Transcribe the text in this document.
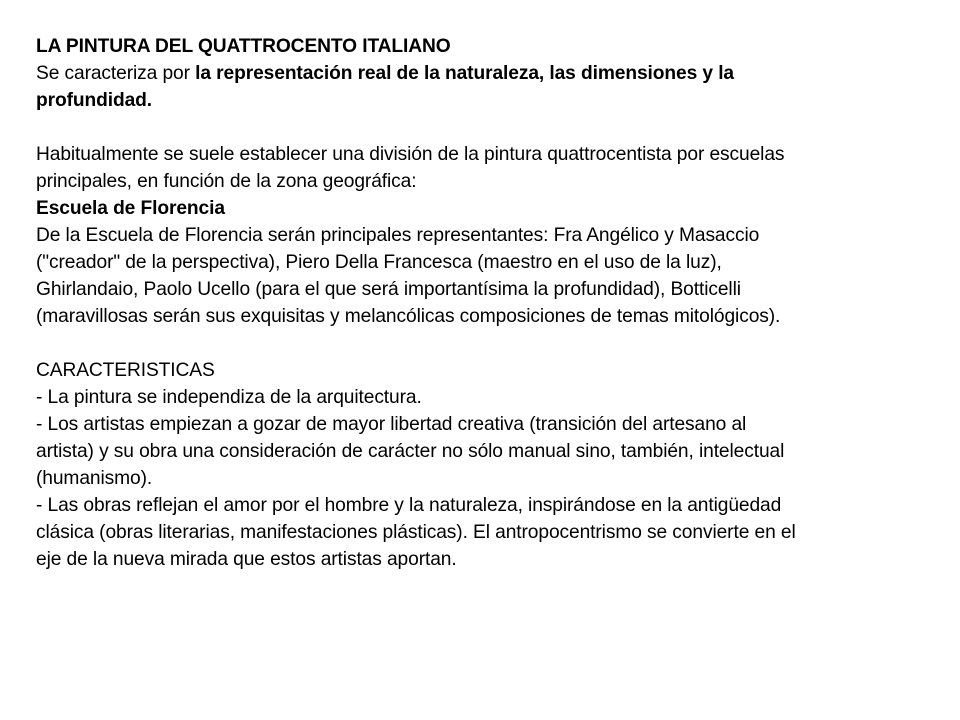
LA PINTURA DEL QUATTROCENTO ITALIANO
Se caracteriza por la representación real de la naturaleza, las dimensiones y la
profundidad.
Habitualmente se suele establecer una división de la pintura quattrocentista por escuelas
principales, en función de la zona geográfica:
Escuela de Florencia
De la Escuela de Florencia serán principales representantes: Fra Angélico y Masaccio
("creador" de la perspectiva), Piero Della Francesca (maestro en el uso de la luz),
Ghirlandaio, Paolo Ucello (para el que será importantísima la profundidad), Botticelli
(maravillosas serán sus exquisitas y melancólicas composiciones de temas mitológicos).
CARACTERISTICAS
- La pintura se independiza de la arquitectura.
- Los artistas empiezan a gozar de mayor libertad creativa (transición del artesano al
artista) y su obra una consideración de carácter no sólo manual sino, también, intelectual
(humanismo).
- Las obras reflejan el amor por el hombre y la naturaleza, inspirándose en la antigüedad
clásica (obras literarias, manifestaciones plásticas). El antropocentrismo se convierte en el
eje de la nueva mirada que estos artistas aportan.
